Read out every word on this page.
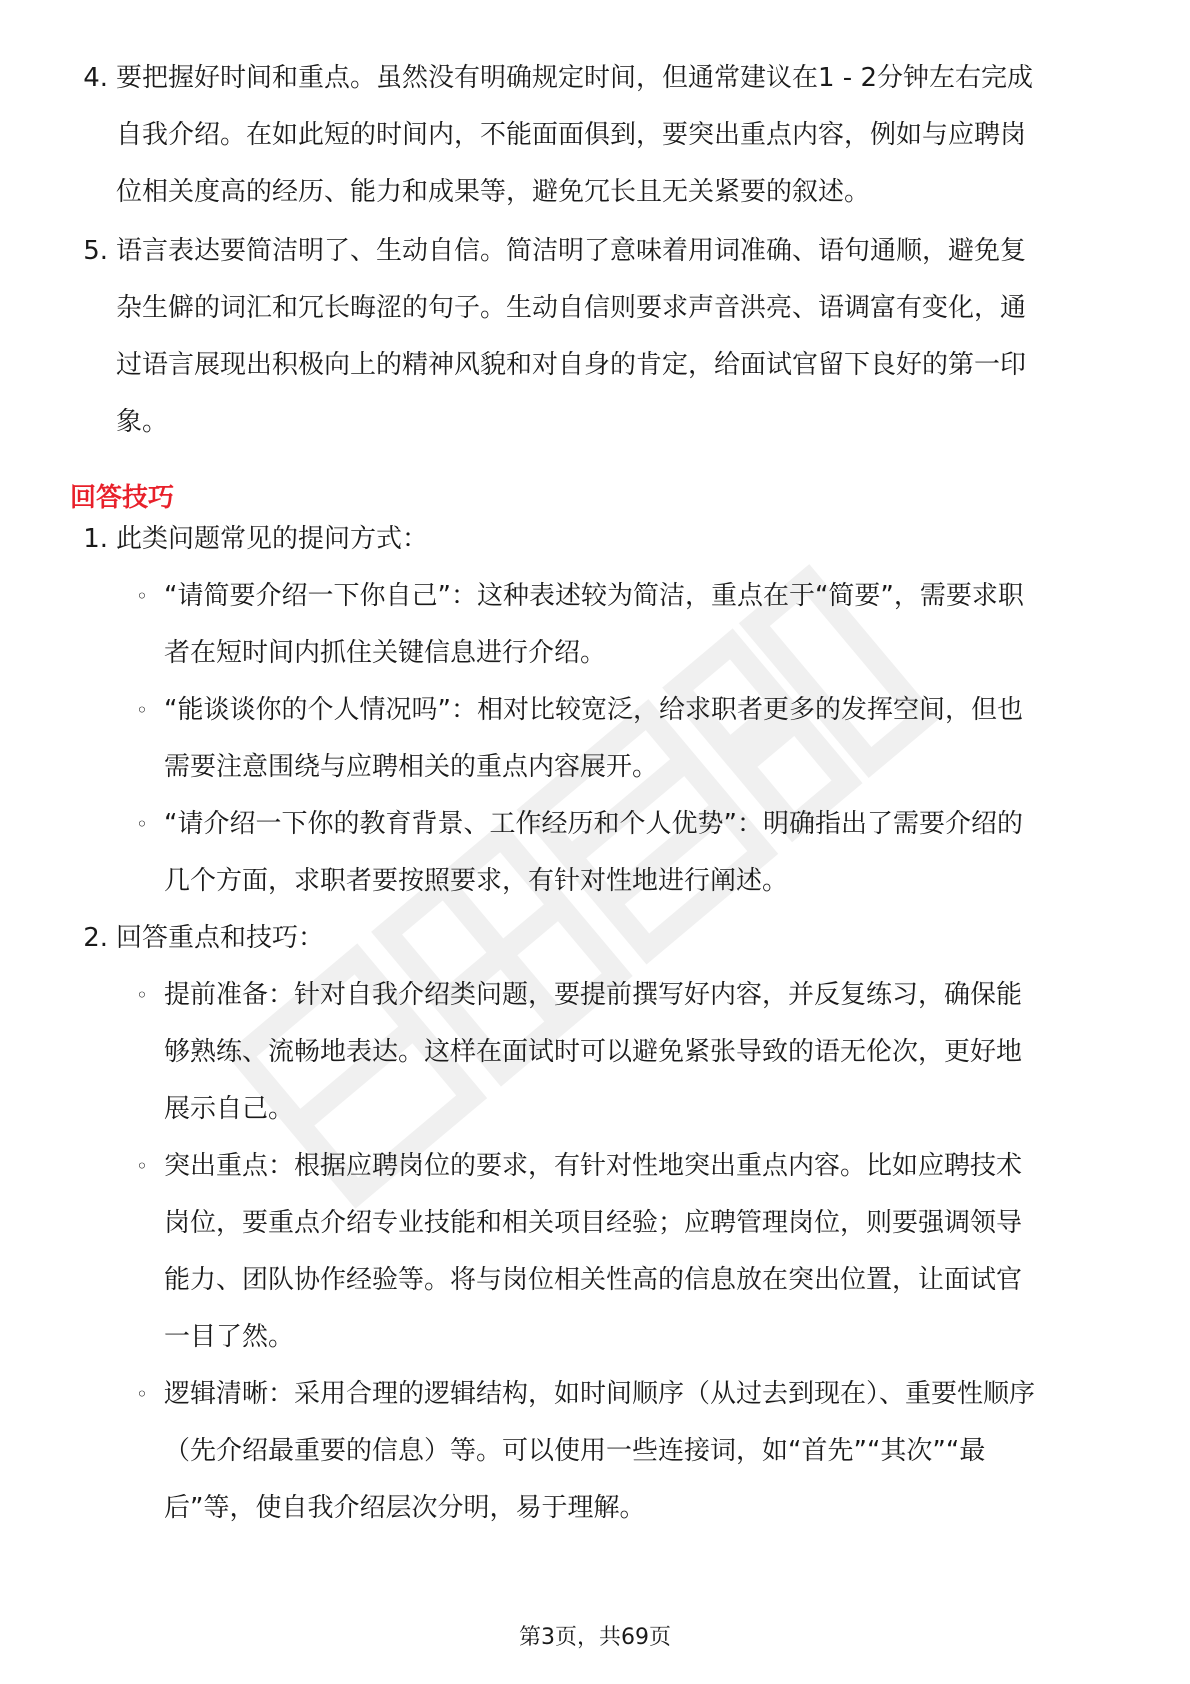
4. 要把握好时间和重点。虽然没有明确规定时间，但通常建议在1 - 2分钟左右完成自我介绍。在如此短的时间内，不能面面俱到，要突出重点内容，例如与应聘岗位相关度高的经历、能力和成果等，避免冗长且无关紧要的叙述。
5. 语言表达要简洁明了、生动自信。简洁明了意味着用词准确、语句通顺，避免复杂生僻的词汇和冗长晦涩的句子。生动自信则要求声音洪亮、语调富有变化，通过语言展现出积极向上的精神风貌和对自身的肯定，给面试官留下良好的第一印象。
回答技巧
1. 此类问题常见的提问方式：
◦ “请简要介绍一下你自己”：这种表述较为简洁，重点在于“简要”，需要求职者在短时间内抓住关键信息进行介绍。
◦ “能谈谈你的个人情况吗”：相对比较宽泛，给求职者更多的发挥空间，但也需要注意围绕与应聘相关的重点内容展开。
◦ “请介绍一下你的教育背景、工作经历和个人优势”：明确指出了需要介绍的几个方面，求职者要按照要求，有针对性地进行阐述。
2. 回答重点和技巧：
◦ 提前准备：针对自我介绍类问题，要提前撰写好内容，并反复练习，确保能够熟练、流畅地表达。这样在面试时可以避免紧张导致的语无伦次，更好地展示自己。
◦ 突出重点：根据应聘岗位的要求，有针对性地突出重点内容。比如应聘技术岗位，要重点介绍专业技能和相关项目经验；应聘管理岗位，则要强调领导能力、团队协作经验等。将与岗位相关性高的信息放在突出位置，让面试官一目了然。
◦ 逻辑清晰：采用合理的逻辑结构，如时间顺序（从过去到现在）、重要性顺序（先介绍最重要的信息）等。可以使用一些连接词，如“首先”“其次”“最后”等，使自我介绍层次分明，易于理解。
第3页，共69页
